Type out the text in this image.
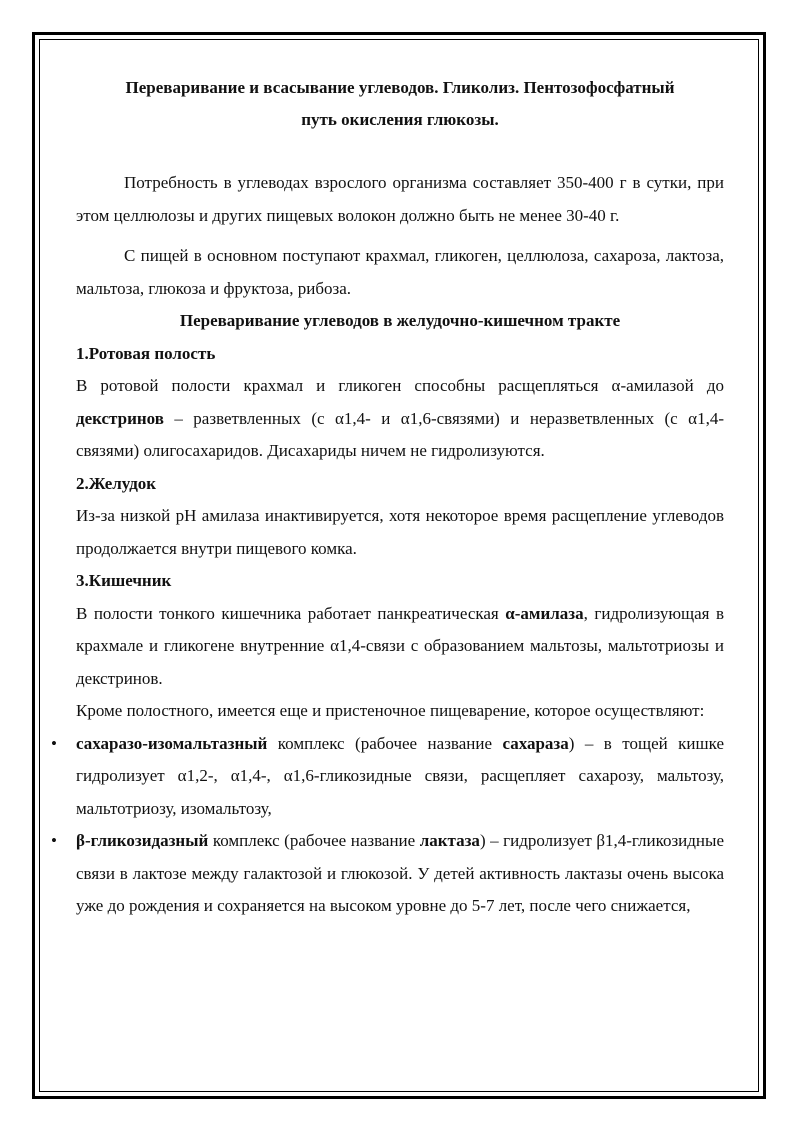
Переваривание и всасывание углеводов. Гликолиз. Пентозофосфатный
путь окисления глюкозы.

Потребность в углеводах взрослого организма составляет 350-400 г в сутки, при этом целлюлозы и других пищевых волокон должно быть не менее 30-40 г.

С пищей в основном поступают крахмал, гликоген, целлюлоза, сахароза, лактоза, мальтоза, глюкоза и фруктоза, рибоза.

Переваривание углеводов в желудочно-кишечном тракте

1.Ротовая полость

В ротовой полости крахмал и гликоген способны расщепляться α-амилазой до декстринов – разветвленных (с α1,4- и α1,6-связями) и неразветвленных (с α1,4-связями) олигосахаридов. Дисахариды ничем не гидролизуются.

2.Желудок

Из-за низкой pH амилаза инактивируется, хотя некоторое время расщепление углеводов продолжается внутри пищевого комка.

3.Кишечник

В полости тонкого кишечника работает панкреатическая α-амилаза, гидролизующая в крахмале и гликогене внутренние α1,4-связи с образованием мальтозы, мальтотриозы и декстринов.

Кроме полостного, имеется еще и пристеночное пищеварение, которое осуществляют:

• сахаразо-изомальтазный комплекс (рабочее название сахараза) – в тощей кишке гидролизует α1,2-, α1,4-, α1,6-гликозидные связи, расщепляет сахарозу, мальтозу, мальтотриозу, изомальтозу,

• β-гликозидазный комплекс (рабочее название лактаза) – гидролизует β1,4-гликозидные связи в лактозе между галактозой и глюкозой. У детей активность лактазы очень высока уже до рождения и сохраняется на высоком уровне до 5-7 лет, после чего снижается,
